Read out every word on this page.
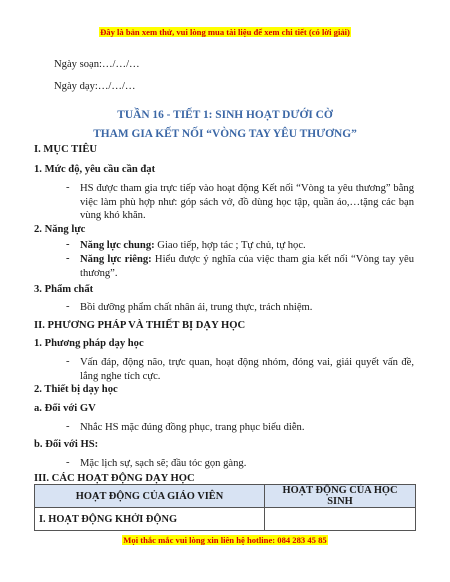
Đây là bản xem thử, vui lòng mua tài liệu để xem chi tiết (có lời giải)

Ngày soạn:…/…/…

Ngày dạy:…/…/…

TUẦN 16 - TIẾT 1: SINH HOẠT DƯỚI CỜ

THAM GIA KẾT NỐI “VÒNG TAY YÊU THƯƠNG”

I. MỤC TIÊU

1. Mức độ, yêu cầu cần đạt

- HS được tham gia trực tiếp vào hoạt động Kết nối “Vòng ta yêu thương” bằng việc làm phù hợp như: góp sách vở, đồ dùng học tập, quần áo,…tặng các bạn vùng khó khăn.

2. Năng lực

- Năng lực chung: Giao tiếp, hợp tác ; Tự chủ, tự học.

- Năng lực riêng: Hiểu được ý nghĩa của việc tham gia kết nối “Vòng tay yêu thương”.

3. Phẩm chất

- Bồi dưỡng phẩm chất nhân ái, trung thực, trách nhiệm.

II. PHƯƠNG PHÁP VÀ THIẾT BỊ DẠY HỌC

1. Phương pháp dạy học

- Vấn đáp, động não, trực quan, hoạt động nhóm, đóng vai, giải quyết vấn đề, lắng nghe tích cực.

2. Thiết bị dạy học

a. Đối với GV

- Nhắc HS mặc đúng đồng phục, trang phục biểu diễn.

b. Đối với HS:

- Mặc lịch sự, sạch sẽ; đầu tóc gọn gàng.

III. CÁC HOẠT ĐỘNG DẠY HỌC

HOẠT ĐỘNG CỦA GIÁO VIÊN	HOẠT ĐỘNG CỦA HỌC SINH
I. HOẠT ĐỘNG KHỞI ĐỘNG	

Mọi thắc mắc vui lòng xin liên hệ hotline: 084 283 45 85
